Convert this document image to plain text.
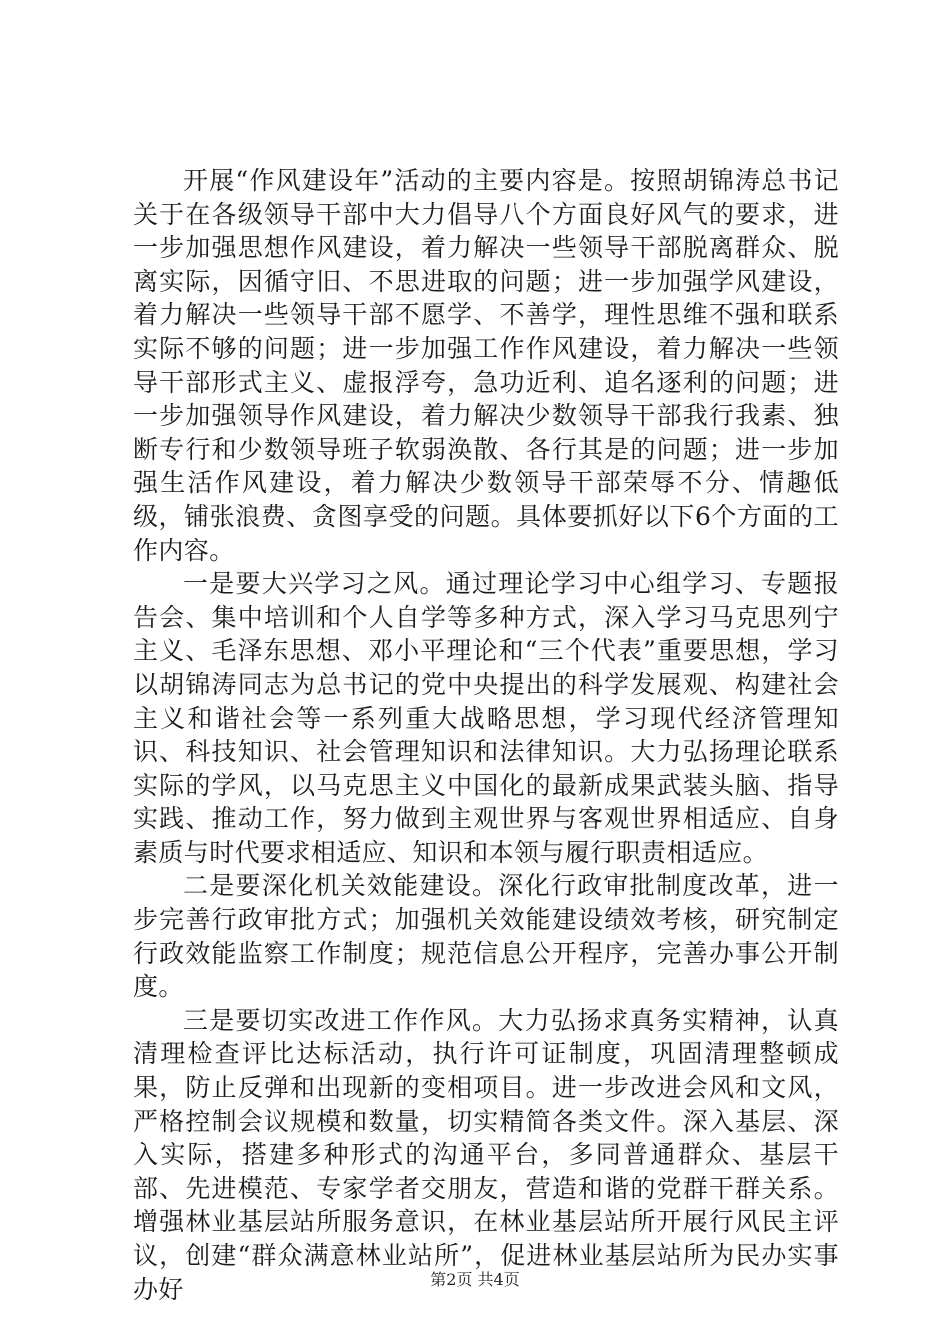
开展“作风建设年”活动的主要内容是。按照胡锦涛总书记关于在各级领导干部中大力倡导八个方面良好风气的要求，进一步加强思想作风建设，着力解决一些领导干部脱离群众、脱离实际，因循守旧、不思进取的问题；进一步加强学风建设，着力解决一些领导干部不愿学、不善学，理性思维不强和联系实际不够的问题；进一步加强工作作风建设，着力解决一些领导干部形式主义、虚报浮夸，急功近利、追名逐利的问题；进一步加强领导作风建设，着力解决少数领导干部我行我素、独断专行和少数领导班子软弱涣散、各行其是的问题；进一步加强生活作风建设，着力解决少数领导干部荣辱不分、情趣低级，铺张浪费、贪图享受的问题。具体要抓好以下6个方面的工作内容。

一是要大兴学习之风。通过理论学习中心组学习、专题报告会、集中培训和个人自学等多种方式，深入学习马克思列宁主义、毛泽东思想、邓小平理论和“三个代表”重要思想，学习以胡锦涛同志为总书记的党中央提出的科学发展观、构建社会主义和谐社会等一系列重大战略思想，学习现代经济管理知识、科技知识、社会管理知识和法律知识。大力弘扬理论联系实际的学风，以马克思主义中国化的最新成果武装头脑、指导实践、推动工作，努力做到主观世界与客观世界相适应、自身素质与时代要求相适应、知识和本领与履行职责相适应。

二是要深化机关效能建设。深化行政审批制度改革，进一步完善行政审批方式；加强机关效能建设绩效考核，研究制定行政效能监察工作制度；规范信息公开程序，完善办事公开制度。

三是要切实改进工作作风。大力弘扬求真务实精神，认真清理检查评比达标活动，执行许可证制度，巩固清理整顿成果，防止反弹和出现新的变相项目。进一步改进会风和文风，严格控制会议规模和数量，切实精简各类文件。深入基层、深入实际，搭建多种形式的沟通平台，多同普通群众、基层干部、先进模范、专家学者交朋友，营造和谐的党群干群关系。增强林业基层站所服务意识，在林业基层站所开展行风民主评议，创建“群众满意林业站所”，促进林业基层站所为民办实事办好	第2页 共4页
